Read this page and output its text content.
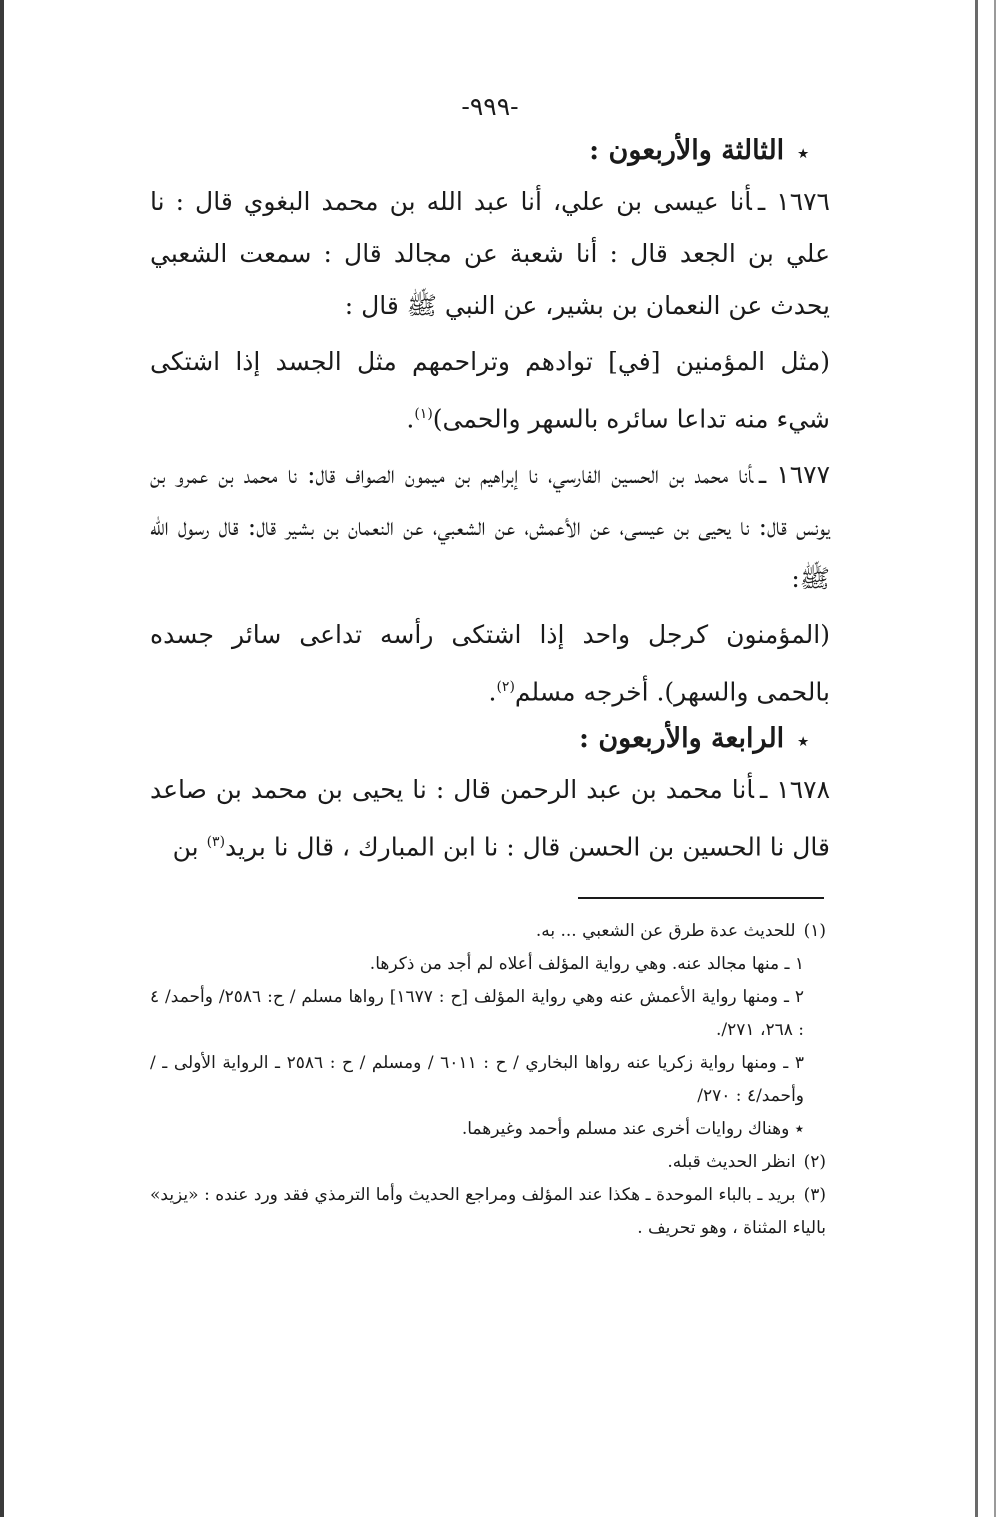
-٩٩٩-
٭الثالثة والأربعون :

١٦٧٦ ـأنا عيسى بن علي، أنا عبد الله بن محمد البغوي قال : نا علي بن الجعد قال : أنا شعبة عن مجالد قال : سمعت الشعبي يحدث عن النعمان بن بشير، عن النبي ﷺ قال :

(مثل المؤمنين [في] توادهم وتراحمهم مثل الجسد إذا اشتكى شيء منه تداعا سائره بالسهر والحمى)$^{(١)}$.

١٦٧٧ ـأنا محمد بن الحسين الفارسي، نا إبراهيم بن ميمون الصواف قال: نا محمد بن عمرو بن يونس قال: نا يحيى بن عيسى، عن الأعمش، عن الشعبي، عن النعمان بن بشير قال: قال رسول الله ﷺ:

(المؤمنون كرجل واحد إذا اشتكى رأسه تداعى سائر جسده بالحمى والسهر). أخرجه مسلم$^{(٢)}$.

٭الرابعة والأربعون :

١٦٧٨ ـأنا محمد بن عبد الرحمن قال : نا يحيى بن محمد بن صاعد قال نا الحسين بن الحسن قال : نا ابن المبارك ، قال نا بريد$^{(٣)}$ بن

(١)للحديث عدة طرق عن الشعبي ... به.

١ ـ منها مجالد عنه. وهي رواية المؤلف أعلاه لم أجد من ذكرها.

٢ ـ ومنها رواية الأعمش عنه وهي رواية المؤلف [ح : ١٦٧٧] رواها مسلم / ح: ٢٥٨٦/ وأحمد/ ٤ : ٢٦٨، ٢٧١/.

٣ ـ ومنها رواية زكريا عنه رواها البخاري / ح : ٦٠١١ / ومسلم / ح : ٢٥٨٦ ـ الرواية الأولى ـ /وأحمد/٤ : ٢٧٠/

٭ وهناك روايات أخرى عند مسلم وأحمد وغيرهما.

(٢)انظر الحديث قبله.

(٣)بريد ـ بالباء الموحدة ـ هكذا عند المؤلف ومراجع الحديث وأما الترمذي فقد ورد عنده : «يزيد» بالياء المثناة ، وهو تحريف .
